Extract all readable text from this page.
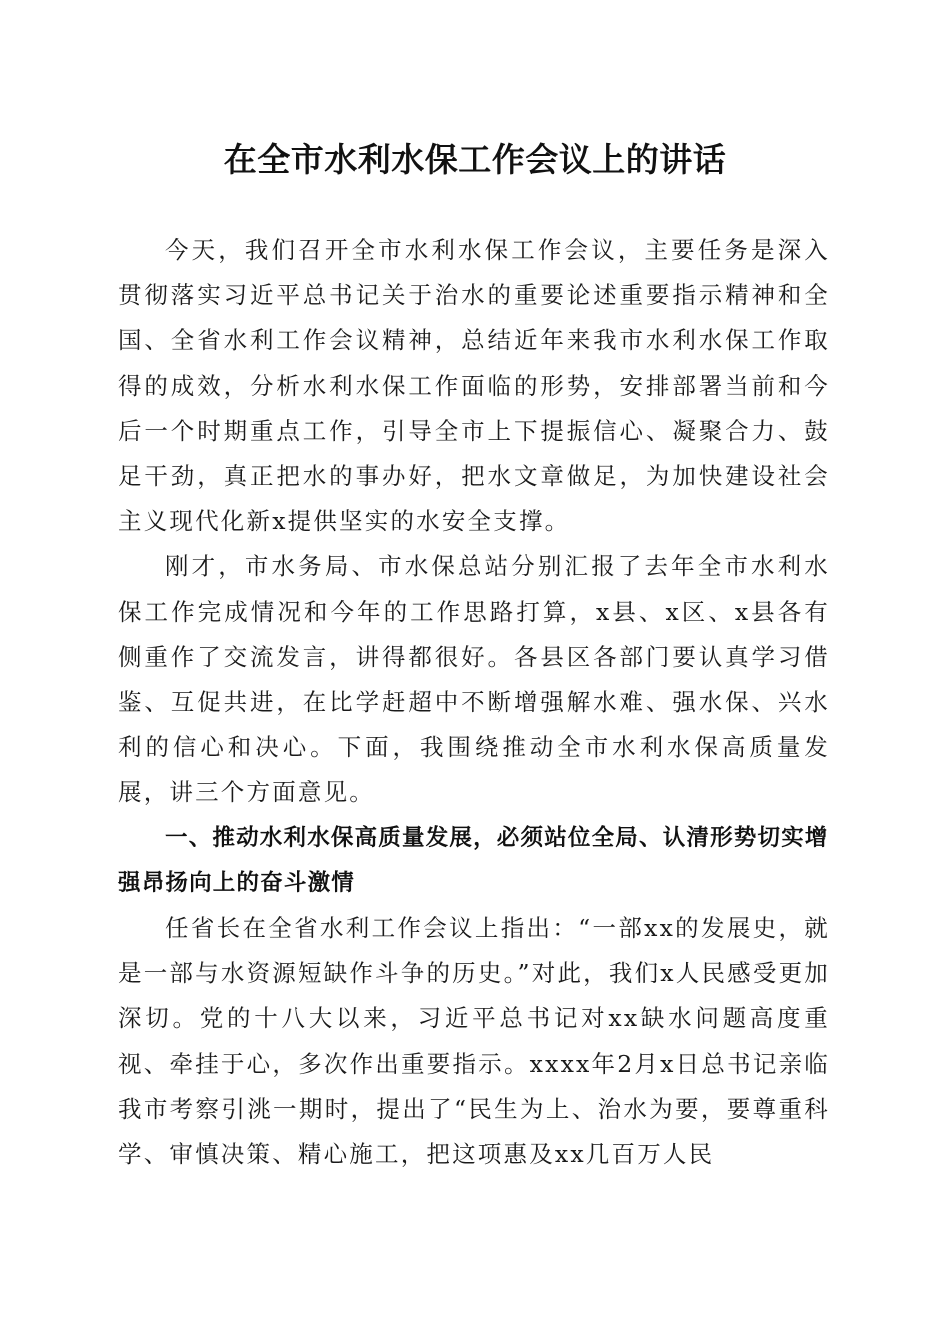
在全市水利水保工作会议上的讲话

今天，我们召开全市水利水保工作会议，主要任务是深入贯彻落实习近平总书记关于治水的重要论述重要指示精神和全国、全省水利工作会议精神，总结近年来我市水利水保工作取得的成效，分析水利水保工作面临的形势，安排部署当前和今后一个时期重点工作，引导全市上下提振信心、凝聚合力、鼓足干劲，真正把水的事办好，把水文章做足，为加快建设社会主义现代化新x提供坚实的水安全支撑。

刚才，市水务局、市水保总站分别汇报了去年全市水利水保工作完成情况和今年的工作思路打算，x县、x区、x县各有侧重作了交流发言，讲得都很好。各县区各部门要认真学习借鉴、互促共进，在比学赶超中不断增强解水难、强水保、兴水利的信心和决心。下面，我围绕推动全市水利水保高质量发展，讲三个方面意见。

一、推动水利水保高质量发展，必须站位全局、认清形势切实增强昂扬向上的奋斗激情

任省长在全省水利工作会议上指出：“一部xx的发展史，就是一部与水资源短缺作斗争的历史。”对此，我们x人民感受更加深切。党的十八大以来，习近平总书记对xx缺水问题高度重视、牵挂于心，多次作出重要指示。xxxx年2月x日总书记亲临我市考察引洮一期时，提出了“民生为上、治水为要，要尊重科学、审慎决策、精心施工，把这项惠及xx几百万人民
